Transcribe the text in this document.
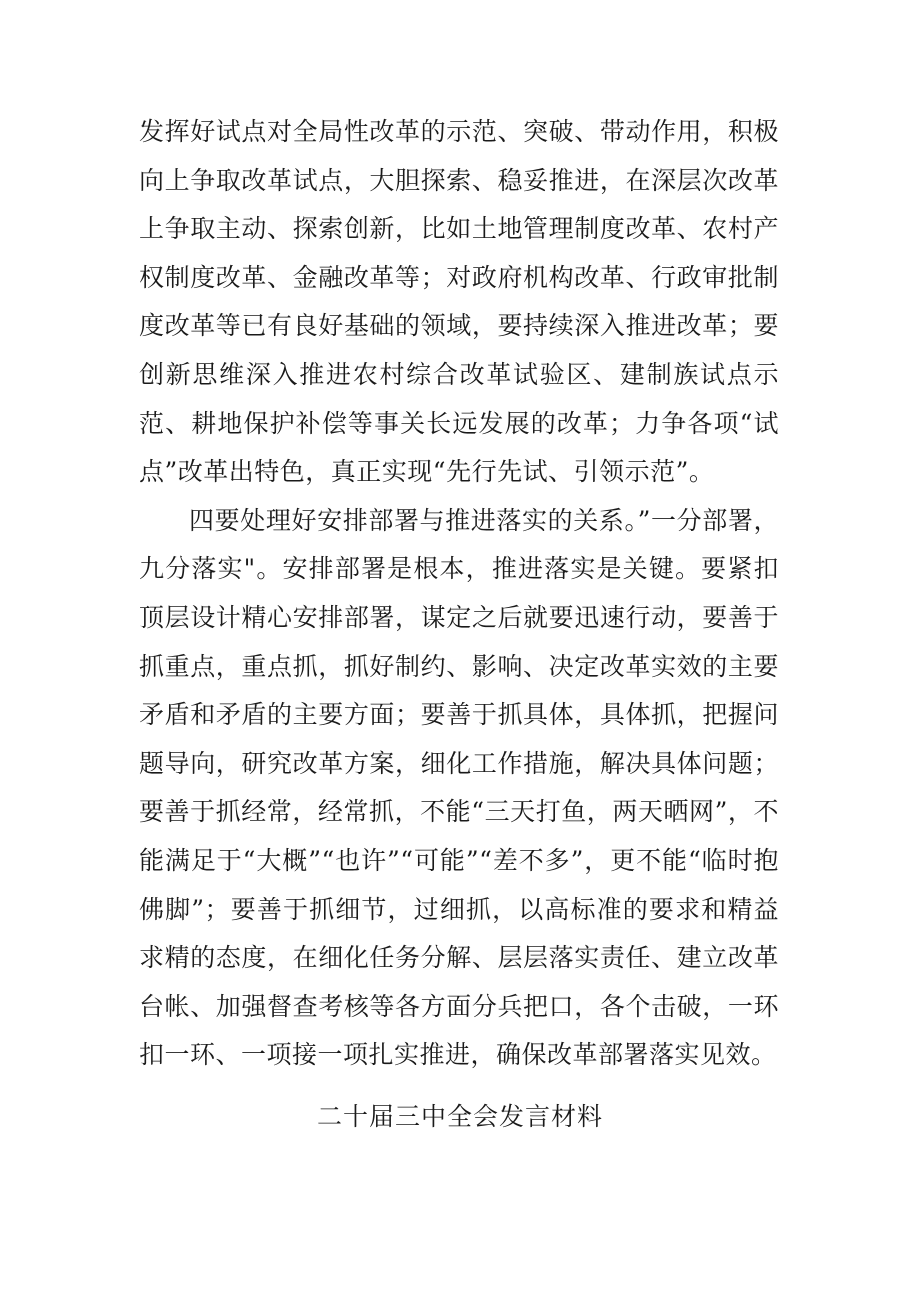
发挥好试点对全局性改革的示范、突破、带动作用，积极向上争取改革试点，大胆探索、稳妥推进，在深层次改革上争取主动、探索创新，比如土地管理制度改革、农村产权制度改革、金融改革等；对政府机构改革、行政审批制度改革等已有良好基础的领域，要持续深入推进改革；要创新思维深入推进农村综合改革试验区、建制族试点示范、耕地保护补偿等事关长远发展的改革；力争各项“试点”改革出特色，真正实现“先行先试、引领示范”。

四要处理好安排部署与推进落实的关系。”一分部署，九分落实"。安排部署是根本，推进落实是关键。要紧扣顶层设计精心安排部署，谋定之后就要迅速行动，要善于抓重点，重点抓，抓好制约、影响、决定改革实效的主要矛盾和矛盾的主要方面；要善于抓具体，具体抓，把握问题导向，研究改革方案，细化工作措施，解决具体问题；要善于抓经常，经常抓，不能“三天打鱼，两天晒网”，不能满足于“大概”“也许”“可能”“差不多”，更不能“临时抱佛脚”；要善于抓细节，过细抓，以高标准的要求和精益求精的态度，在细化任务分解、层层落实责任、建立改革台帐、加强督查考核等各方面分兵把口，各个击破，一环扣一环、一项接一项扎实推进，确保改革部署落实见效。

二十届三中全会发言材料
